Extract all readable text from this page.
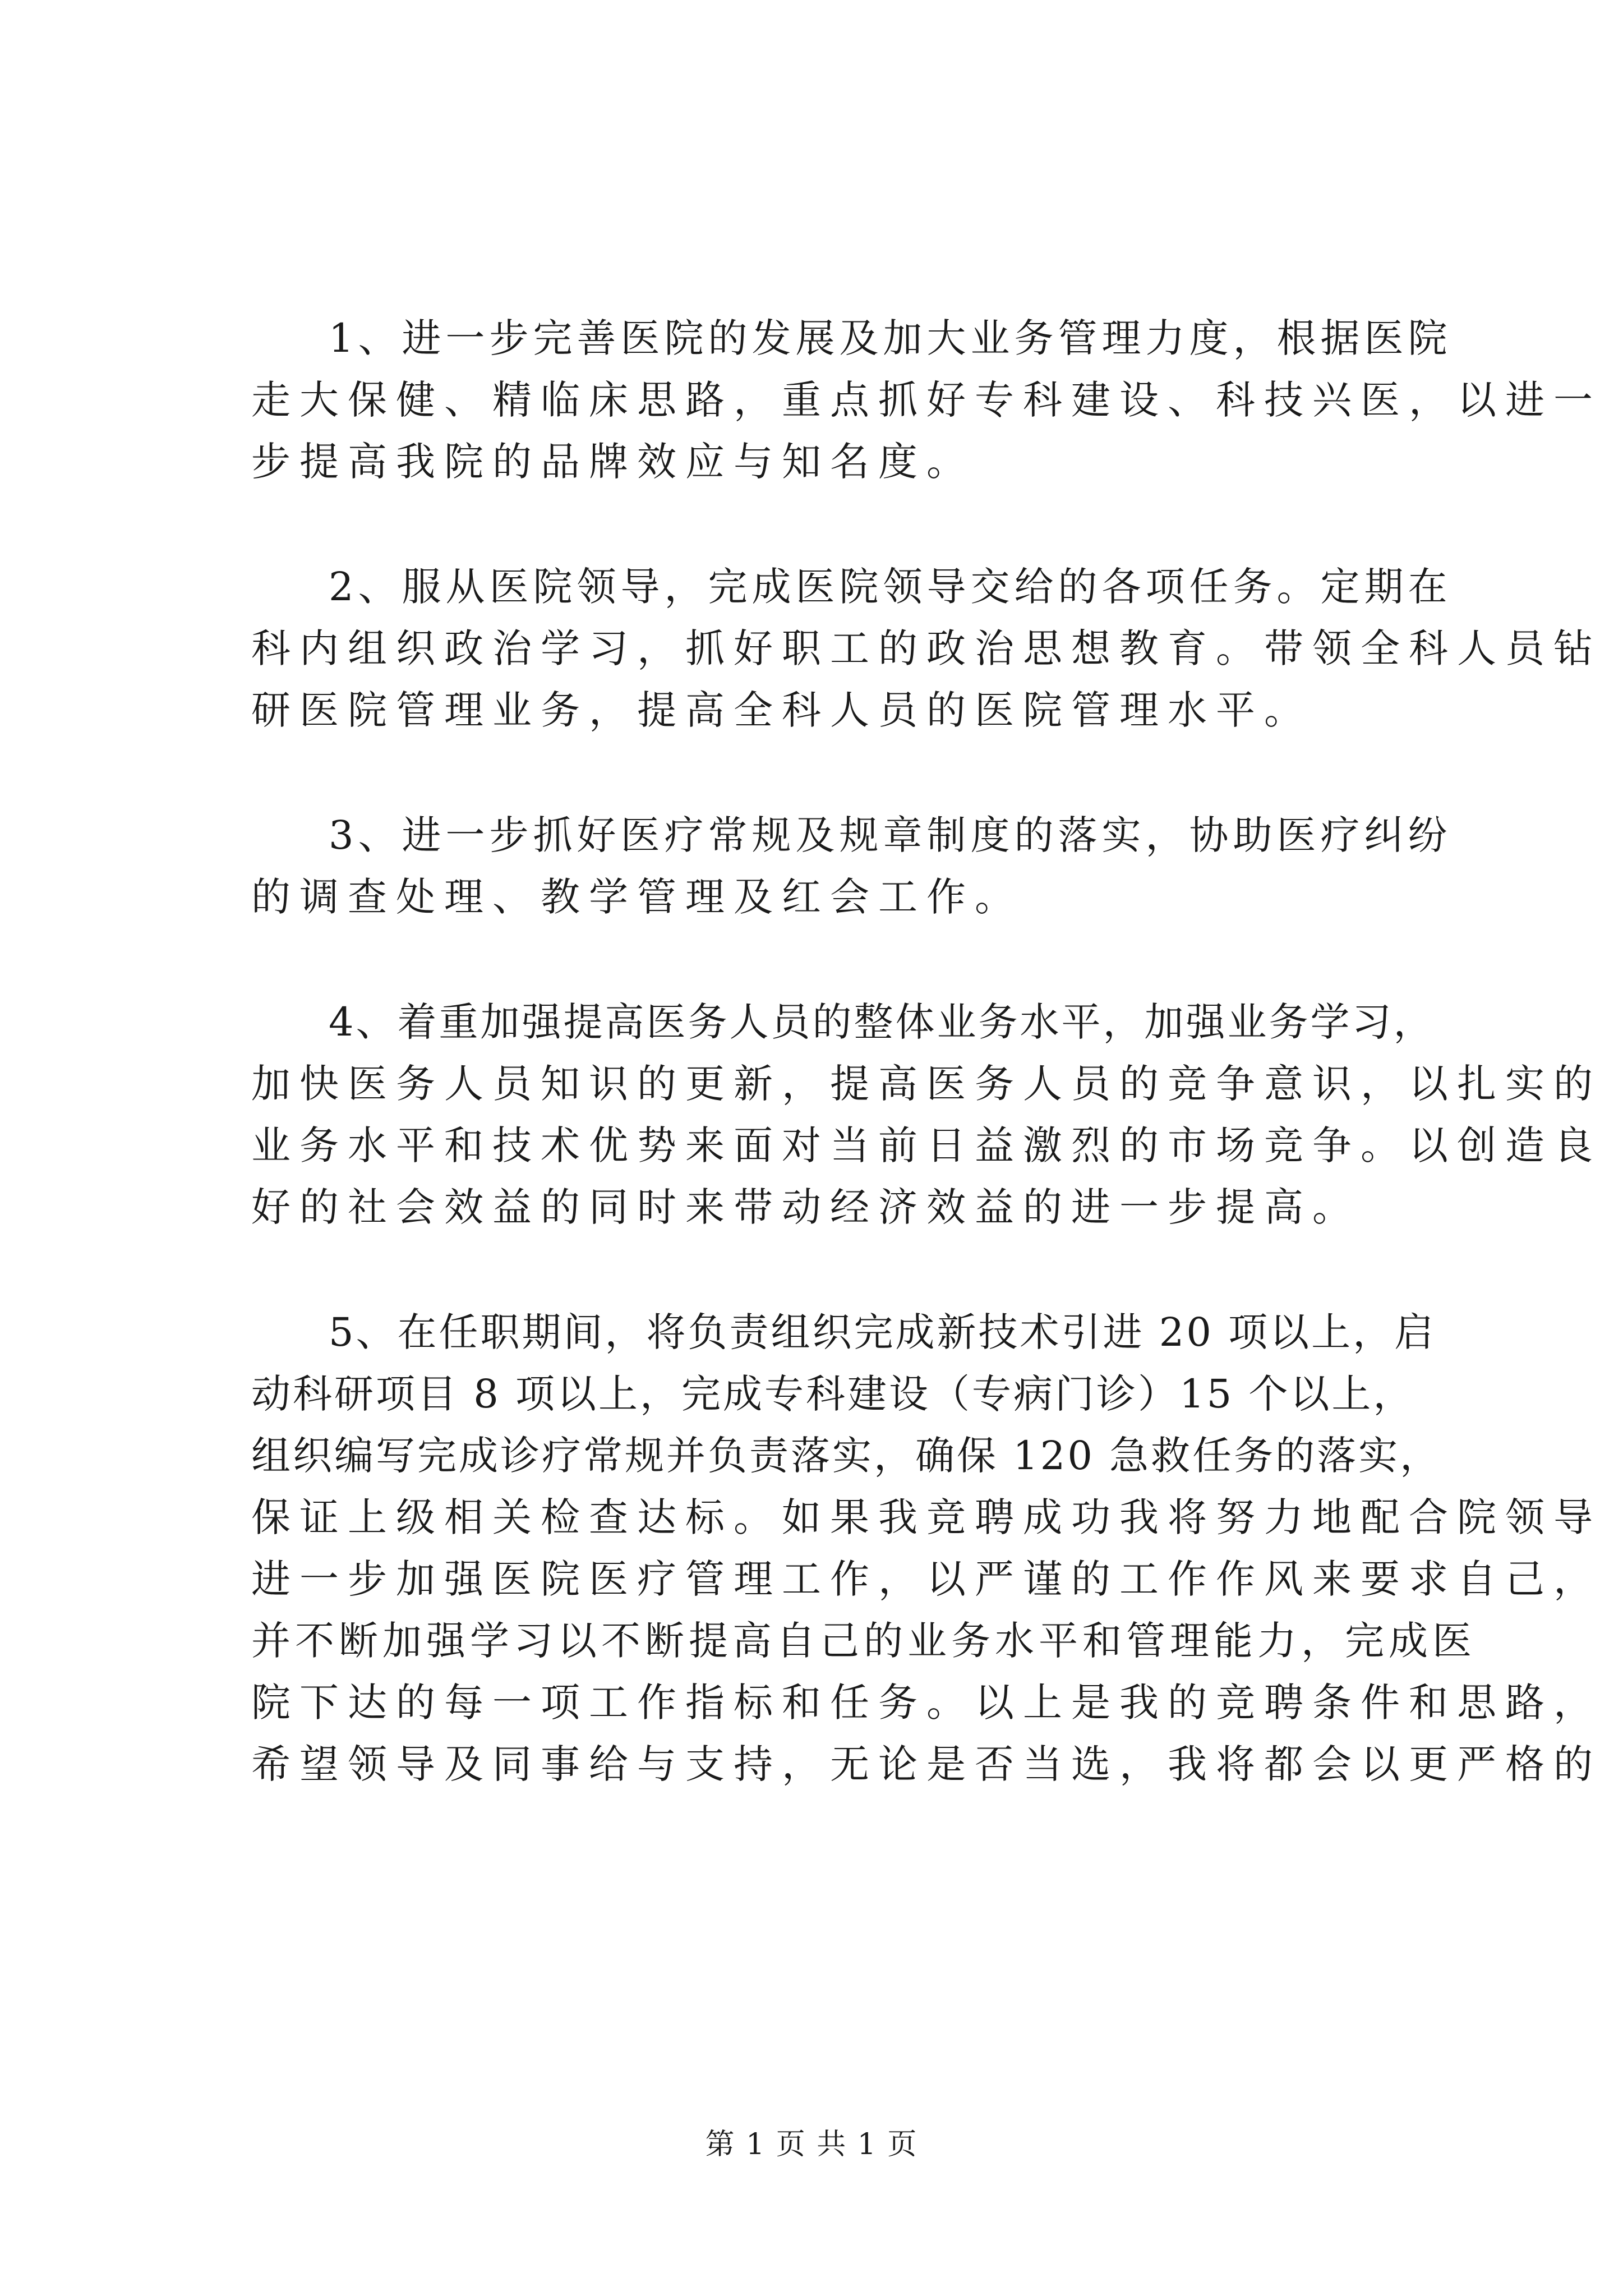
1、进一步完善医院的发展及加大业务管理力度，根据医院
走大保健、精临床思路，重点抓好专科建设、科技兴医，以进一
步提高我院的品牌效应与知名度。
2、服从医院领导，完成医院领导交给的各项任务。定期在
科内组织政治学习，抓好职工的政治思想教育。带领全科人员钻
研医院管理业务，提高全科人员的医院管理水平。
3、进一步抓好医疗常规及规章制度的落实，协助医疗纠纷
的调查处理、教学管理及红会工作。
4、着重加强提高医务人员的整体业务水平，加强业务学习，
加快医务人员知识的更新，提高医务人员的竞争意识，以扎实的
业务水平和技术优势来面对当前日益激烈的市场竞争。以创造良
好的社会效益的同时来带动经济效益的进一步提高。
5、在任职期间，将负责组织完成新技术引进 20 项以上，启
动科研项目 8 项以上，完成专科建设（专病门诊）15 个以上，
组织编写完成诊疗常规并负责落实，确保 120 急救任务的落实，
保证上级相关检查达标。如果我竞聘成功我将努力地配合院领导
进一步加强医院医疗管理工作，以严谨的工作作风来要求自己，
并不断加强学习以不断提高自己的业务水平和管理能力，完成医
院下达的每一项工作指标和任务。以上是我的竞聘条件和思路，
希望领导及同事给与支持，无论是否当选，我将都会以更严格的
第 1 页 共 1 页
